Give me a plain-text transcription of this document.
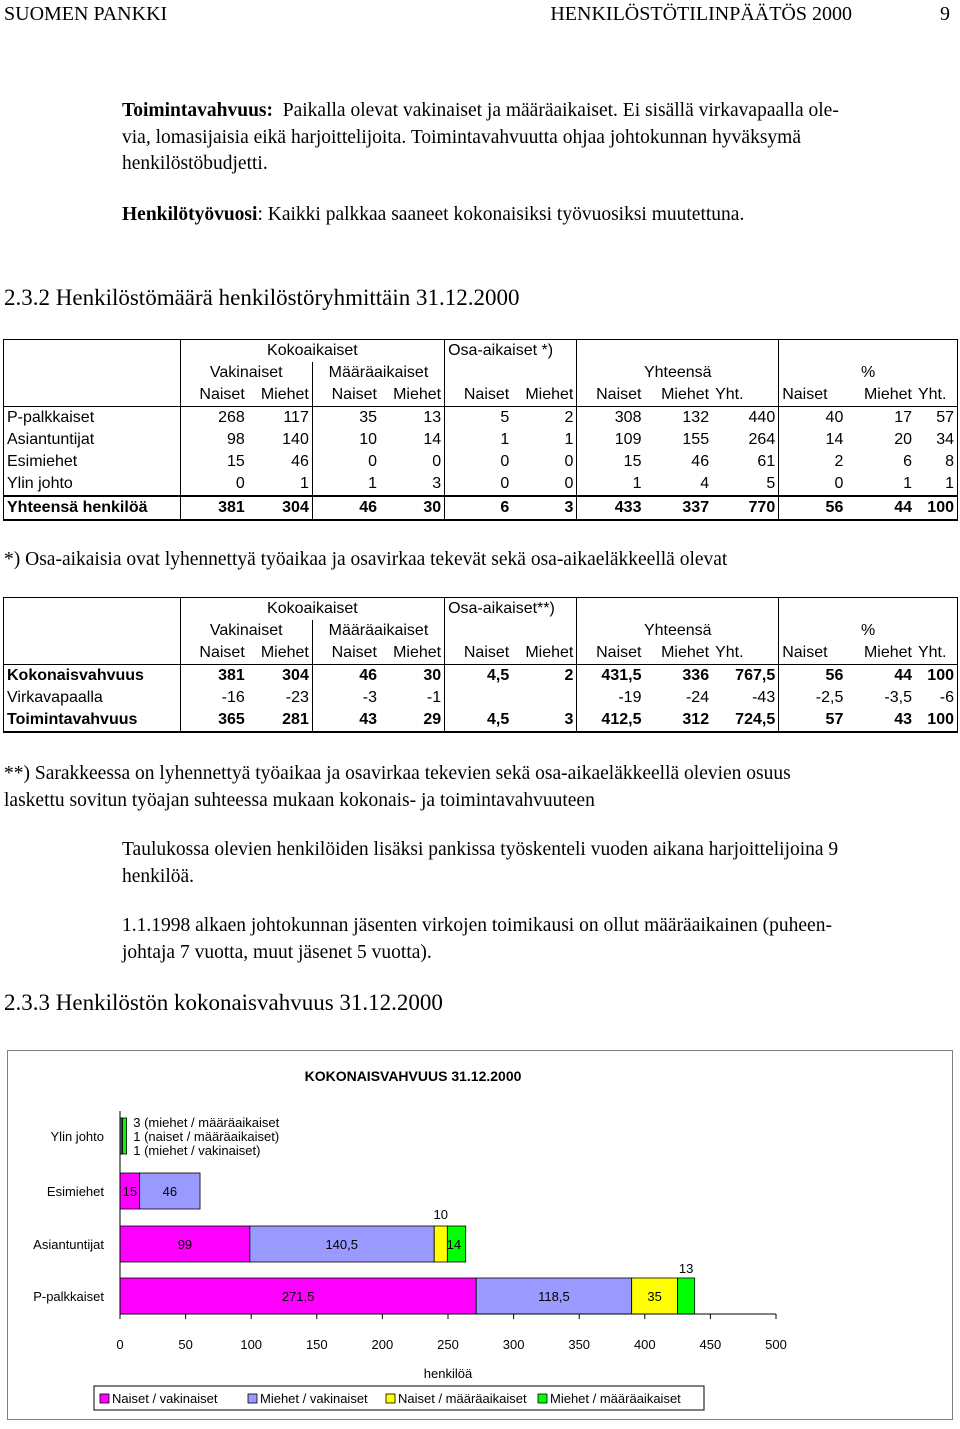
SUOMEN PANKKI	HENKILÖSTÖTILINPÄÄTÖS 2000	9
Toimintavahvuus: Paikalla olevat vakinaiset ja määräaikaiset. Ei sisällä virkavapaalla ole-
via, lomasijaisia eikä harjoittelijoita. Toimintavahvuutta ohjaa johtokunnan hyväksymä
henkilöstöbudjetti.
Henkilötyövuosi: Kaikki palkkaa saaneet kokonaisiksi työvuosiksi muutettuna.
2.3.2 Henkilöstömäärä henkilöstöryhmittäin 31.12.2000
	Kokoaikaiset				Osa-aikaiset *)							
	Vakinaiset		Määräaikaiset				Yhteensä			%		
	Naiset	Miehet	Naiset	Miehet	Naiset	Miehet	Naiset	Miehet	Yht.	Naiset	Miehet	Yht.
P-palkkaiset	268	117	35	13	5	2	308	132	440	40	17	57
Asiantuntijat	98	140	10	14	1	1	109	155	264	14	20	34
Esimiehet	15	46	0	0	0	0	15	46	61	2	6	8
Ylin johto	0	1	1	3	0	0	1	4	5	0	1	1
Yhteensä henkilöä	381	304	46	30	6	3	433	337	770	56	44	100
	Kokoaikaiset				Osa-aikaiset**)							
	Vakinaiset		Määräaikaiset				Yhteensä			%		
	Naiset	Miehet	Naiset	Miehet	Naiset	Miehet	Naiset	Miehet	Yht.	Naiset	Miehet	Yht.
Kokonaisvahvuus	381	304	46	30	4,5	2	431,5	336	767,5	56	44	100
Virkavapaalla	-16	-23	-3	-1			-19	-24	-43	-2,5	-3,5	-6
Toimintavahvuus	365	281	43	29	4,5	3	412,5	312	724,5	57	43	100
*) Osa-aikaisia ovat lyhennettyä työaikaa ja osavirkaa tekevät sekä osa-aikaeläkkeellä olevat
**) Sarakkeessa on lyhennettyä työaikaa ja osavirkaa tekevien sekä osa-aikaeläkkeellä olevien osuus
laskettu sovitun työajan suhteessa mukaan kokonais- ja toimintavahvuuteen
Taulukossa olevien henkilöiden lisäksi pankissa työskenteli vuoden aikana harjoittelijoina 9
henkilöä.
1.1.1998 alkaen johtokunnan jäsenten virkojen toimikausi on ollut määräaikainen (puheen-
johtaja 7 vuotta, muut jäsenet 5 vuotta).
2.3.3 Henkilöstön kokonaisvahvuus 31.12.2000
KOKONAISVAHVUUS 31.12.2000
Ylin johto
Esimiehet
Asiantuntijat
P-palkkaiset
15 46
99	140,5
10
14
271,5	118,5	35
13
3 (miehet / määräaikaiset
1 (naiset / määräaikaiset)
1 (miehet / vakinaiset)
0	50	100	150	200	250	300	350	400	450	500
henkilöä
Naiset / vakinaiset	Miehet / vakinaiset Naiset / määräaikaiset Miehet / määräaikaiset
